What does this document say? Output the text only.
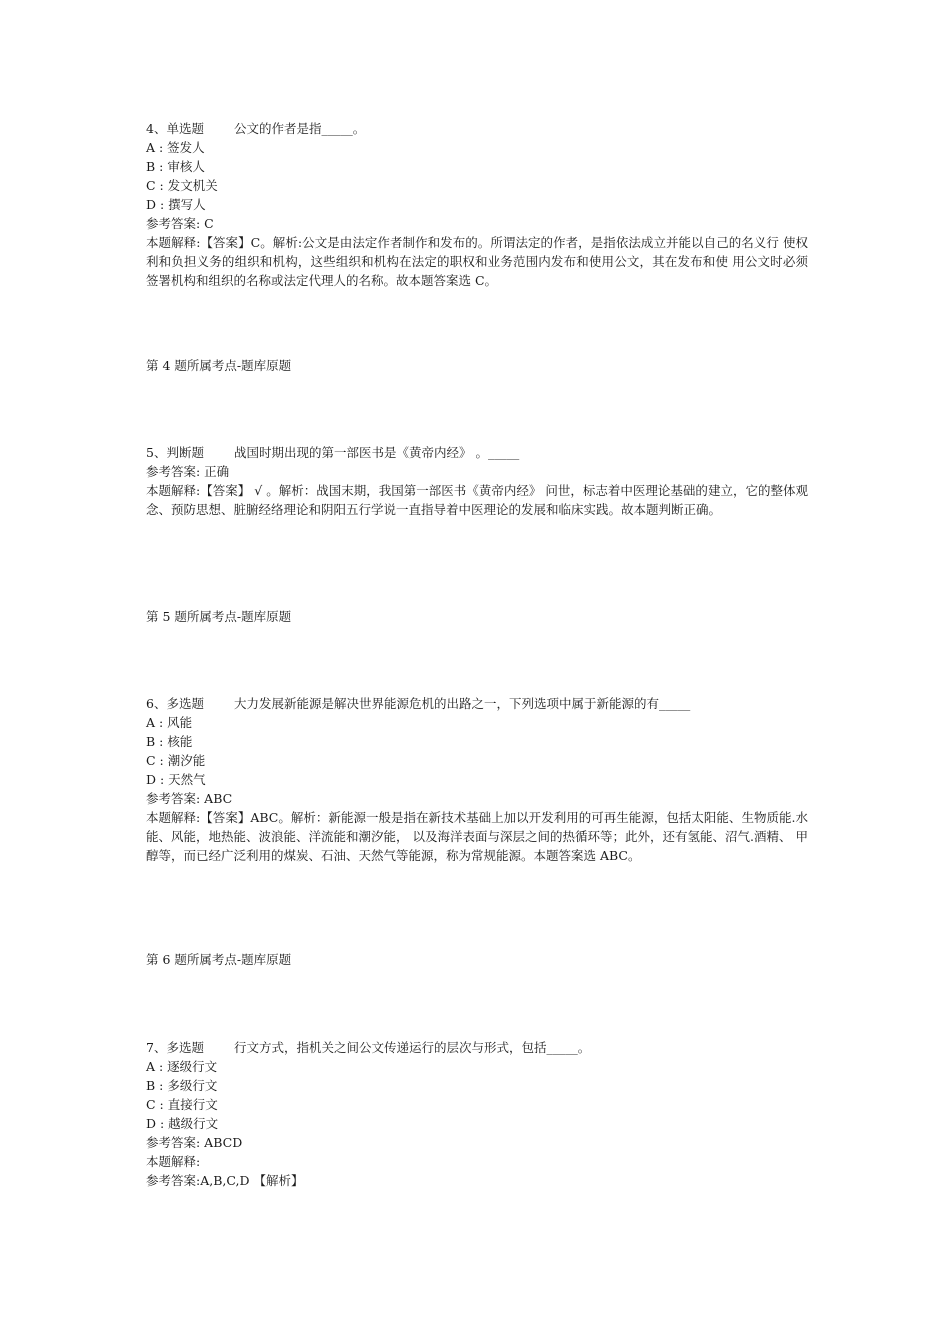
4、单选题 公文的作者是指_____。
A : 签发人
B : 审核人
C : 发文机关
D : 撰写人
参考答案: C
本题解释:【答案】C。解析:公文是由法定作者制作和发布的。所谓法定的作者，是指依法成立并能以自己的名义行 使权利和负担义务的组织和机构，这些组织和机构在法定的职权和业务范围内发布和使用公文，其在发布和使 用公文时必须签署机构和组织的名称或法定代理人的名称。故本题答案选 C。
第 4 题所属考点-题库原题
5、判断题 战国时期出现的第一部医书是《黄帝内经》 。_____
参考答案: 正确
本题解释:【答案】 √ 。解析：战国末期，我国第一部医书《黄帝内经》 问世，标志着中医理论基础的建立，它的整体观念、预防思想、脏腑经络理论和阴阳五行学说一直指导着中医理论的发展和临床实践。故本题判断正确。
第 5 题所属考点-题库原题
6、多选题 大力发展新能源是解决世界能源危机的出路之一，下列选项中属于新能源的有_____
A : 风能
B : 核能
C : 潮汐能
D : 天然气
参考答案: ABC
本题解释:【答案】ABC。解析：新能源一般是指在新技术基础上加以开发利用的可再生能源，包括太阳能、生物质能.水能、风能，地热能、波浪能、洋流能和潮汐能， 以及海洋表面与深层之间的热循环等；此外，还有氢能、沼气.酒精、 甲醇等，而已经广泛利用的煤炭、石油、天然气等能源，称为常规能源。本题答案选 ABC。
第 6 题所属考点-题库原题
7、多选题 行文方式，指机关之间公文传递运行的层次与形式，包括_____。
A : 逐级行文
B : 多级行文
C : 直接行文
D : 越级行文
参考答案: ABCD
本题解释:
参考答案:A,B,C,D 【解析】
